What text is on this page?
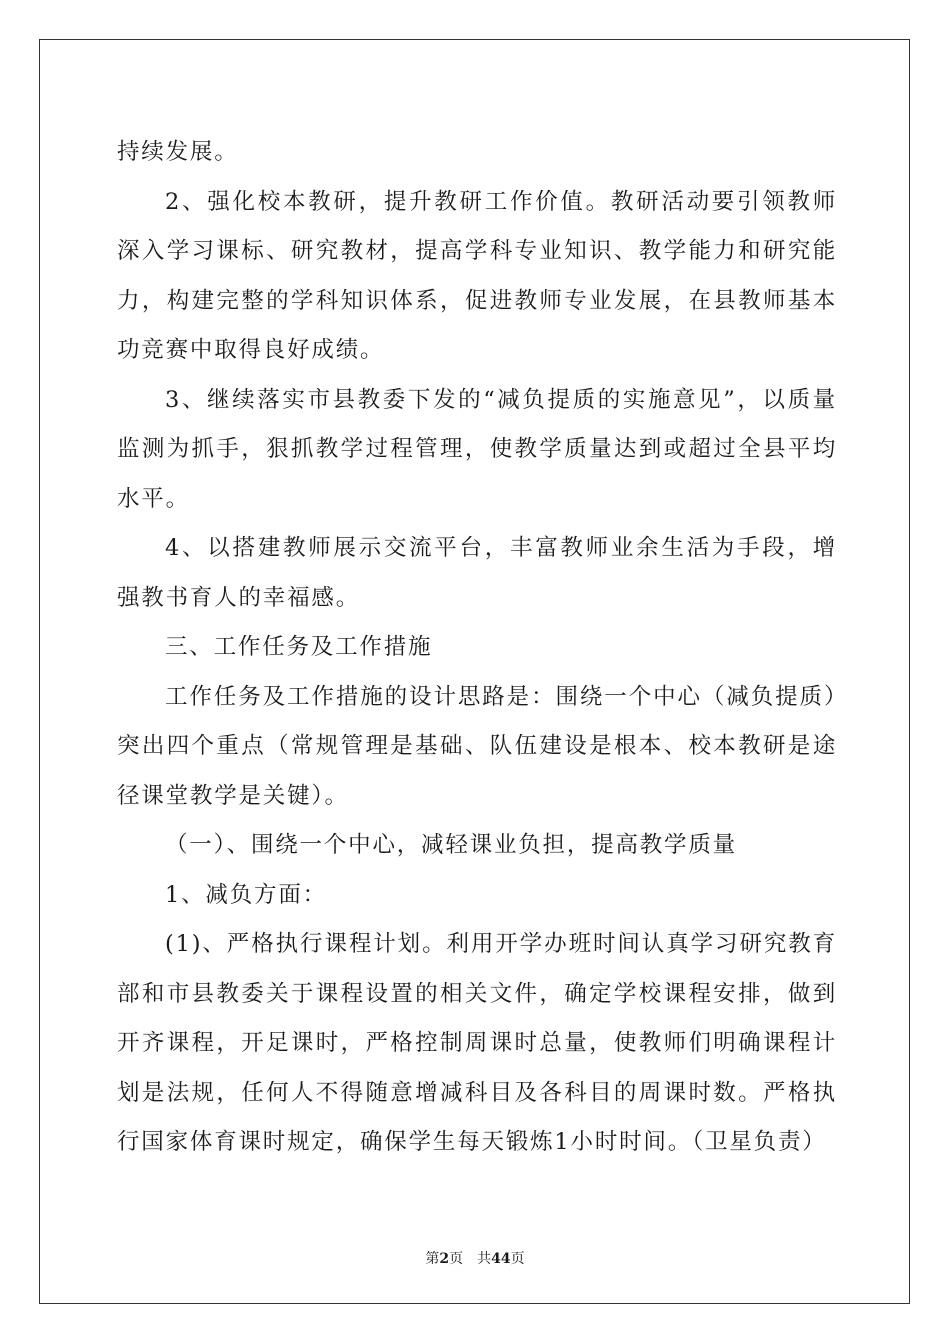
持续发展。

2、强化校本教研，提升教研工作价值。教研活动要引领教师深入学习课标、研究教材，提高学科专业知识、教学能力和研究能力，构建完整的学科知识体系，促进教师专业发展，在县教师基本功竞赛中取得良好成绩。

3、继续落实市县教委下发的“减负提质的实施意见”，以质量监测为抓手，狠抓教学过程管理，使教学质量达到或超过全县平均水平。

4、以搭建教师展示交流平台，丰富教师业余生活为手段，增强教书育人的幸福感。

三、工作任务及工作措施

工作任务及工作措施的设计思路是：围绕一个中心（减负提质）突出四个重点（常规管理是基础、队伍建设是根本、校本教研是途径课堂教学是关键）。

（一）、围绕一个中心，减轻课业负担，提高教学质量

1、减负方面：

(1)、严格执行课程计划。利用开学办班时间认真学习研究教育部和市县教委关于课程设置的相关文件，确定学校课程安排，做到开齐课程，开足课时，严格控制周课时总量，使教师们明确课程计划是法规，任何人不得随意增减科目及各科目的周课时数。严格执行国家体育课时规定，确保学生每天锻炼1小时时间。（卫星负责）

第2页 共44页
